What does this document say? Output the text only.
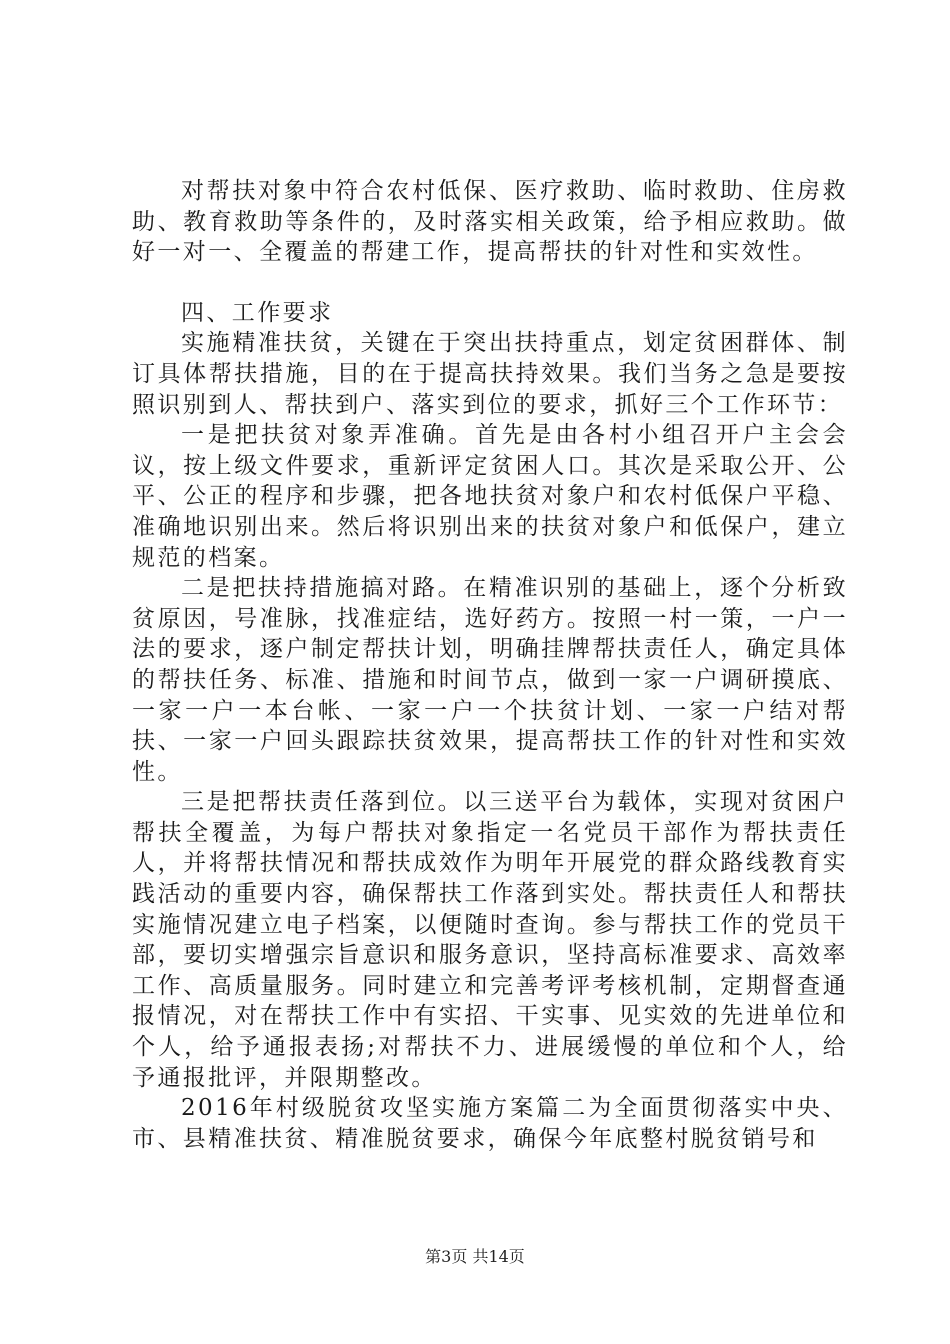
对帮扶对象中符合农村低保、医疗救助、临时救助、住房救助、教育救助等条件的，及时落实相关政策，给予相应救助。做好一对一、全覆盖的帮建工作，提高帮扶的针对性和实效性。

四、工作要求

实施精准扶贫，关键在于突出扶持重点，划定贫困群体、制订具体帮扶措施，目的在于提高扶持效果。我们当务之急是要按照识别到人、帮扶到户、落实到位的要求，抓好三个工作环节：

一是把扶贫对象弄准确。首先是由各村小组召开户主会会议，按上级文件要求，重新评定贫困人口。其次是采取公开、公平、公正的程序和步骤，把各地扶贫对象户和农村低保户平稳、准确地识别出来。然后将识别出来的扶贫对象户和低保户，建立规范的档案。

二是把扶持措施搞对路。在精准识别的基础上，逐个分析致贫原因，号准脉，找准症结，选好药方。按照一村一策，一户一法的要求，逐户制定帮扶计划，明确挂牌帮扶责任人，确定具体的帮扶任务、标准、措施和时间节点，做到一家一户调研摸底、一家一户一本台帐、一家一户一个扶贫计划、一家一户结对帮扶、一家一户回头跟踪扶贫效果，提高帮扶工作的针对性和实效性。

三是把帮扶责任落到位。以三送平台为载体，实现对贫困户帮扶全覆盖，为每户帮扶对象指定一名党员干部作为帮扶责任人，并将帮扶情况和帮扶成效作为明年开展党的群众路线教育实践活动的重要内容，确保帮扶工作落到实处。帮扶责任人和帮扶实施情况建立电子档案，以便随时查询。参与帮扶工作的党员干部，要切实增强宗旨意识和服务意识，坚持高标准要求、高效率工作、高质量服务。同时建立和完善考评考核机制，定期督查通报情况，对在帮扶工作中有实招、干实事、见实效的先进单位和个人，给予通报表扬;对帮扶不力、进展缓慢的单位和个人，给予通报批评，并限期整改。

2016年村级脱贫攻坚实施方案篇二为全面贯彻落实中央、市、县精准扶贫、精准脱贫要求，确保今年底整村脱贫销号和

第3页 共14页
